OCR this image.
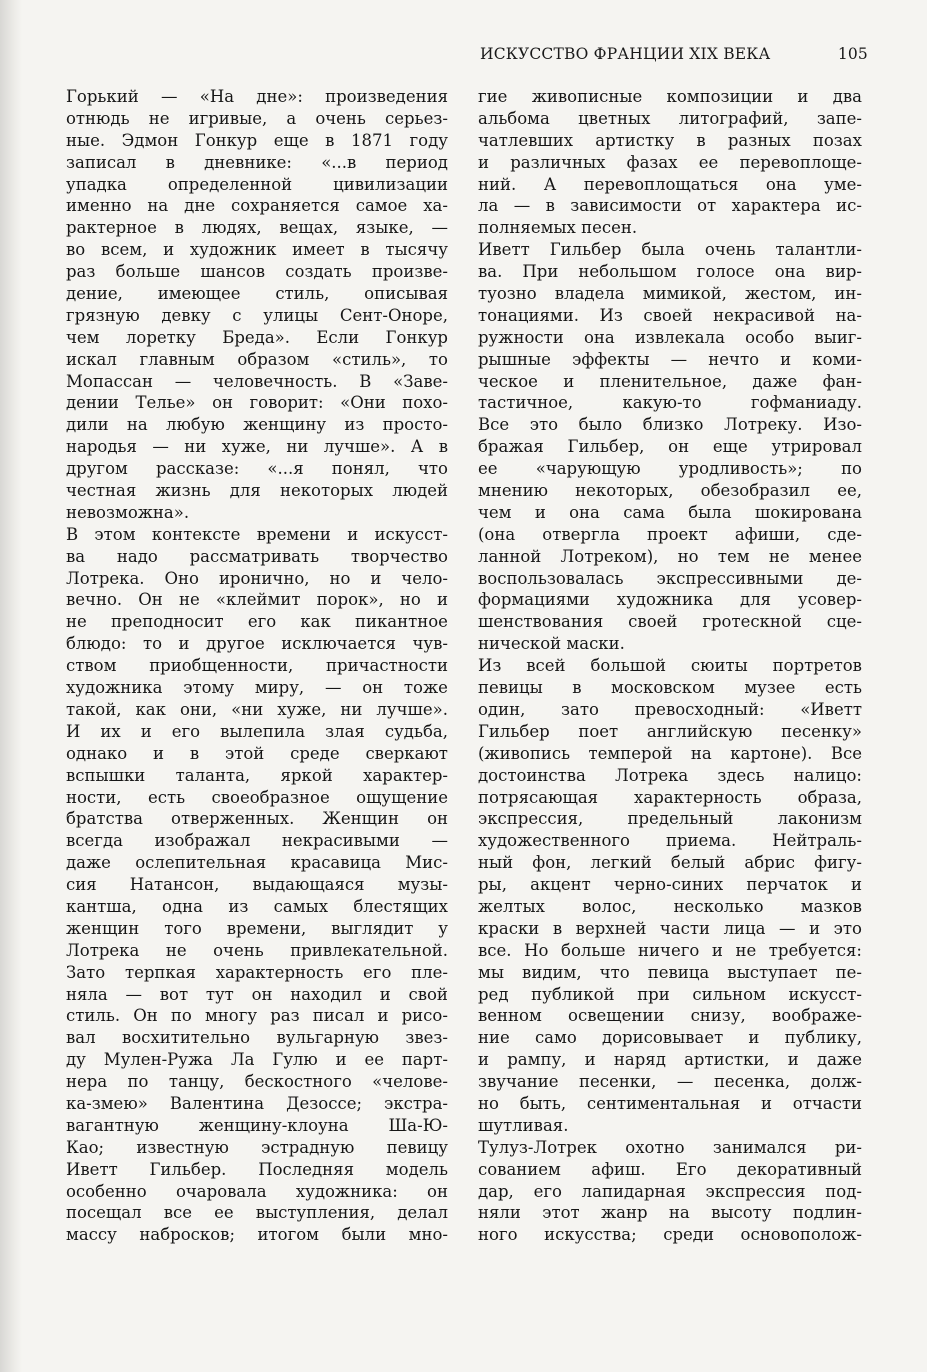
ИСКУССТВО ФРАНЦИИ XIX ВЕКА	105
Горький — «На дне»: произведения
отнюдь не игривые, а очень серьез-
ные. Эдмон Гонкур еще в 1871 году
записал в дневнике: «...в период
упадка определенной цивилизации
именно на дне сохраняется самое ха-
рактерное в людях, вещах, языке, —
во всем, и художник имеет в тысячу
раз больше шансов создать произве-
дение, имеющее стиль, описывая
грязную девку с улицы Сент-Оноре,
чем лоретку Бреда». Если Гонкур
искал главным образом «стиль», то
Мопассан — человечность. В «Заве-
дении Телье» он говорит: «Они похо-
дили на любую женщину из просто-
народья — ни хуже, ни лучше». А в
другом рассказе: «...я понял, что
честная жизнь для некоторых людей
невозможна».
В этом контексте времени и искусст-
ва надо рассматривать творчество
Лотрека. Оно иронично, но и чело-
вечно. Он не «клеймит порок», но и
не преподносит его как пикантное
блюдо: то и другое исключается чув-
ством приобщенности, причастности
художника этому миру, — он тоже
такой, как они, «ни хуже, ни лучше».
И их и его вылепила злая судьба,
однако и в этой среде сверкают
вспышки таланта, яркой характер-
ности, есть своеобразное ощущение
братства отверженных. Женщин он
всегда изображал некрасивыми —
даже ослепительная красавица Мис-
сия Натансон, выдающаяся музы-
кантша, одна из самых блестящих
женщин того времени, выглядит у
Лотрека не очень привлекательной.
Зато терпкая характерность его пле-
няла — вот тут он находил и свой
стиль. Он по многу раз писал и рисо-
вал восхитительно вульгарную звез-
ду Мулен-Ружа Ла Гулю и ее парт-
нера по танцу, бескостного «челове-
ка-змею» Валентина Дезоссе; экстра-
вагантную женщину-клоуна Ша-Ю-
Као; известную эстрадную певицу
Иветт Гильбер. Последняя модель
особенно очаровала художника: он
посещал все ее выступления, делал
массу набросков; итогом были мно-
гие живописные композиции и два
альбома цветных литографий, запе-
чатлевших артистку в разных позах
и различных фазах ее перевоплоще-
ний. А перевоплощаться она уме-
ла — в зависимости от характера ис-
полняемых песен.
Иветт Гильбер была очень талантли-
ва. При небольшом голосе она вир-
туозно владела мимикой, жестом, ин-
тонациями. Из своей некрасивой на-
ружности она извлекала особо выиг-
рышные эффекты — нечто и коми-
ческое и пленительное, даже фан-
тастичное,	какую-то	гофманиаду.
Все это было близко Лотреку. Изо-
бражая Гильбер, он еще утрировал
ее «чарующую уродливость»; по
мнению некоторых, обезобразил ее,
чем и она сама была шокирована
(она отвергла проект афиши, сде-
ланной Лотреком), но тем не менее
воспользовалась экспрессивными де-
формациями художника для усовер-
шенствования своей гротескной сце-
нической маски.
Из всей большой сюиты портретов
певицы в московском музее есть
один, зато превосходный: «Иветт
Гильбер поет английскую песенку»
(живопись темперой на картоне). Все
достоинства Лотрека здесь налицо:
потрясающая характерность образа,
экспрессия,	предельный	лаконизм
художественного приема. Нейтраль-
ный фон, легкий белый абрис фигу-
ры, акцент черно-синих перчаток и
желтых волос, несколько мазков
краски в верхней части лица — и это
все. Но больше ничего и не требуется:
мы видим, что певица выступает пе-
ред публикой при сильном искусст-
венном освещении снизу, воображе-
ние само дорисовывает и публику,
и рампу, и наряд артистки, и даже
звучание песенки, — песенка, долж-
но быть, сентиментальная и отчасти
шутливая.
Тулуз-Лотрек охотно занимался ри-
сованием афиш. Его декоративный
дар, его лапидарная экспрессия под-
няли этот жанр на высоту подлин-
ного искусства; среди основополож-
